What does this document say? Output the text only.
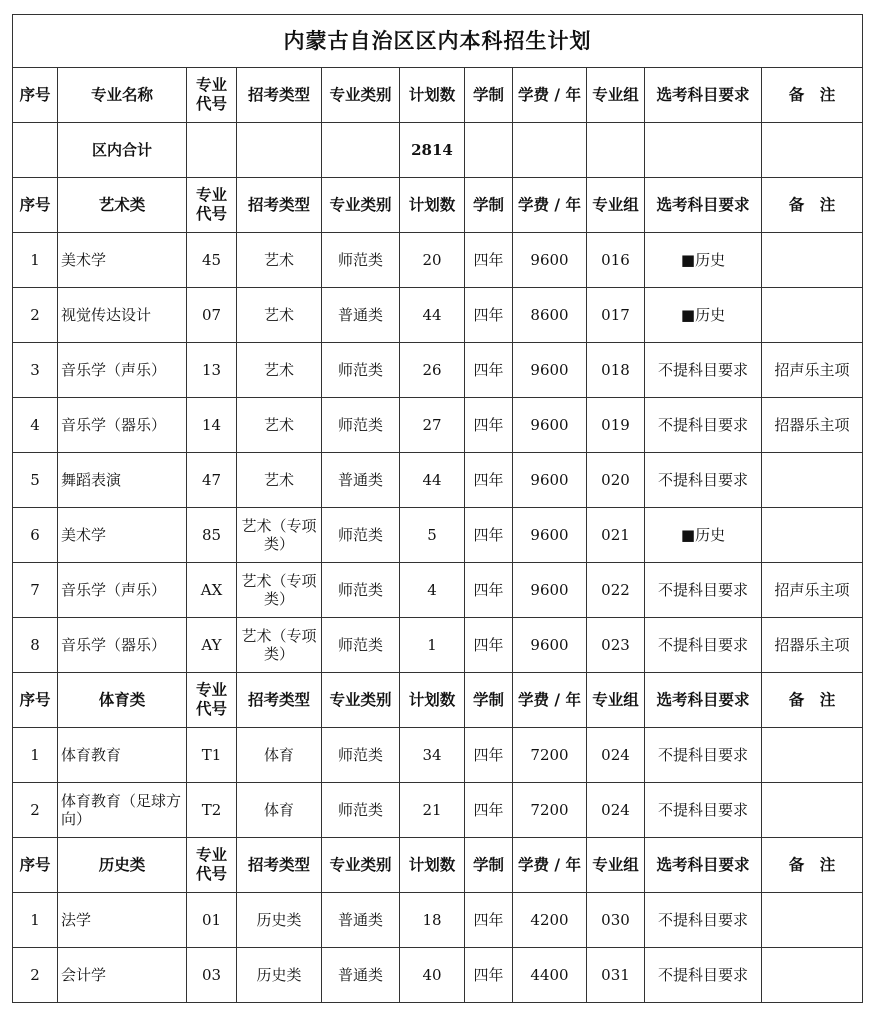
内蒙古自治区区内本科招生计划										
序号	专业名称	专业代号	招考类型	专业类别	计划数	学制	学费 / 年	专业组	选考科目要求	备　注
	区内合计				2814					
序号	艺术类	专业代号	招考类型	专业类别	计划数	学制	学费 / 年	专业组	选考科目要求	备　注
1	美术学	45	艺术	师范类	20	四年	9600	016	■历史	
2	视觉传达设计	07	艺术	普通类	44	四年	8600	017	■历史	
3	音乐学（声乐）	13	艺术	师范类	26	四年	9600	018	不提科目要求	招声乐主项
4	音乐学（器乐）	14	艺术	师范类	27	四年	9600	019	不提科目要求	招器乐主项
5	舞蹈表演	47	艺术	普通类	44	四年	9600	020	不提科目要求	
6	美术学	85	艺术（专项类）	师范类	5	四年	9600	021	■历史	
7	音乐学（声乐）	AX	艺术（专项类）	师范类	4	四年	9600	022	不提科目要求	招声乐主项
8	音乐学（器乐）	AY	艺术（专项类）	师范类	1	四年	9600	023	不提科目要求	招器乐主项
序号	体育类	专业代号	招考类型	专业类别	计划数	学制	学费 / 年	专业组	选考科目要求	备　注
1	体育教育	T1	体育	师范类	34	四年	7200	024	不提科目要求	
2	体育教育（足球方向）	T2	体育	师范类	21	四年	7200	024	不提科目要求	
序号	历史类	专业代号	招考类型	专业类别	计划数	学制	学费 / 年	专业组	选考科目要求	备　注
1	法学	01	历史类	普通类	18	四年	4200	030	不提科目要求	
2	会计学	03	历史类	普通类	40	四年	4400	031	不提科目要求	
